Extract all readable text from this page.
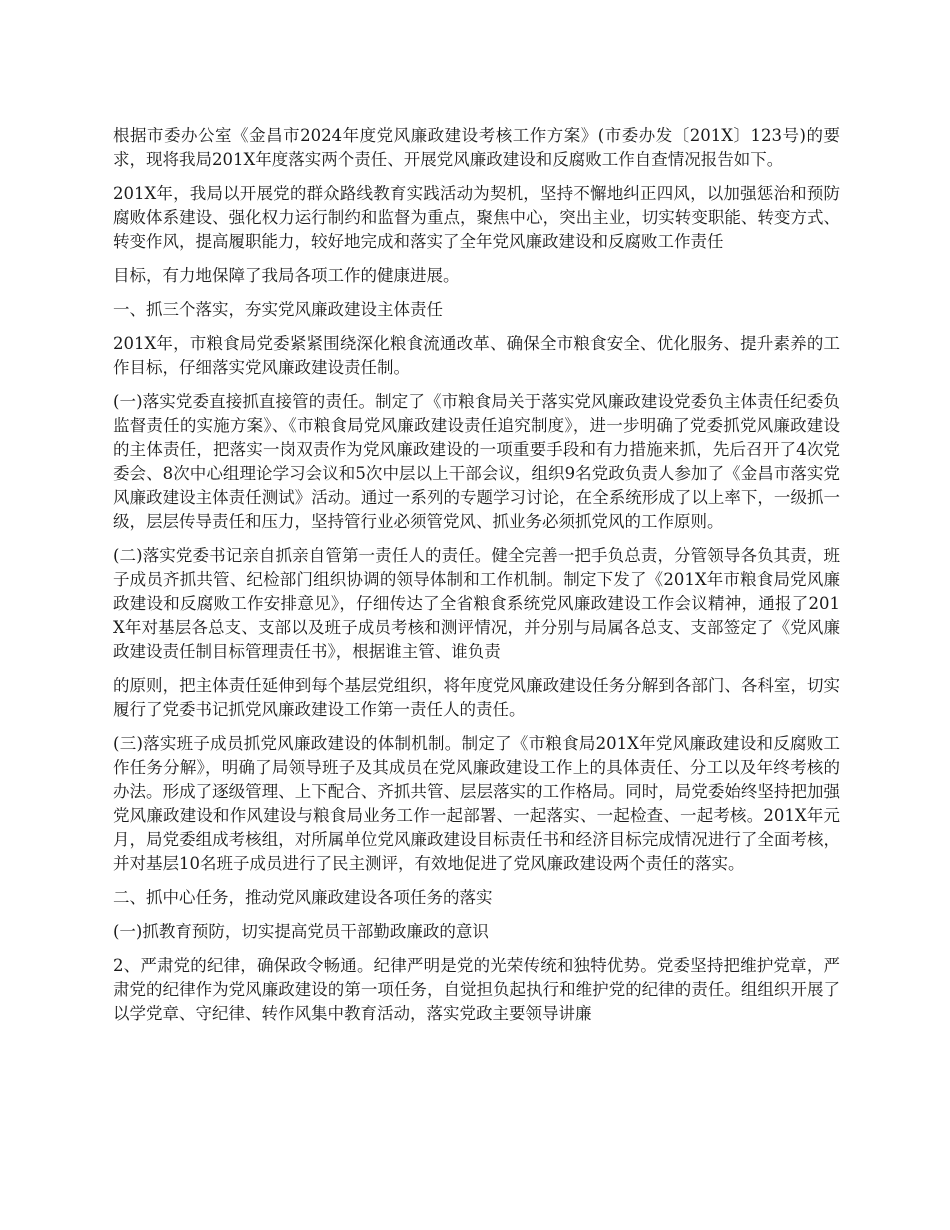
根据市委办公室《金昌市2024年度党风廉政建设考核工作方案》(市委办发〔201X〕123号)的要求，现将我局201X年度落实两个责任、开展党风廉政建设和反腐败工作自查情况报告如下。

201X年，我局以开展党的群众路线教育实践活动为契机，坚持不懈地纠正四风，以加强惩治和预防腐败体系建设、强化权力运行制约和监督为重点，聚焦中心，突出主业，切实转变职能、转变方式、转变作风，提高履职能力，较好地完成和落实了全年党风廉政建设和反腐败工作责任

目标，有力地保障了我局各项工作的健康进展。

一、抓三个落实，夯实党风廉政建设主体责任

201X年，市粮食局党委紧紧围绕深化粮食流通改革、确保全市粮食安全、优化服务、提升素养的工作目标，仔细落实党风廉政建设责任制。

(一)落实党委直接抓直接管的责任。制定了《市粮食局关于落实党风廉政建设党委负主体责任纪委负监督责任的实施方案》、《市粮食局党风廉政建设责任追究制度》，进一步明确了党委抓党风廉政建设的主体责任，把落实一岗双责作为党风廉政建设的一项重要手段和有力措施来抓，先后召开了4次党委会、8次中心组理论学习会议和5次中层以上干部会议，组织9名党政负责人参加了《金昌市落实党风廉政建设主体责任测试》活动。通过一系列的专题学习讨论，在全系统形成了以上率下，一级抓一级，层层传导责任和压力，坚持管行业必须管党风、抓业务必须抓党风的工作原则。

(二)落实党委书记亲自抓亲自管第一责任人的责任。健全完善一把手负总责，分管领导各负其责，班子成员齐抓共管、纪检部门组织协调的领导体制和工作机制。制定下发了《201X年市粮食局党风廉政建设和反腐败工作安排意见》，仔细传达了全省粮食系统党风廉政建设工作会议精神，通报了201X年对基层各总支、支部以及班子成员考核和测评情况，并分别与局属各总支、支部签定了《党风廉政建设责任制目标管理责任书》，根据谁主管、谁负责

的原则，把主体责任延伸到每个基层党组织，将年度党风廉政建设任务分解到各部门、各科室，切实履行了党委书记抓党风廉政建设工作第一责任人的责任。

(三)落实班子成员抓党风廉政建设的体制机制。制定了《市粮食局201X年党风廉政建设和反腐败工作任务分解》，明确了局领导班子及其成员在党风廉政建设工作上的具体责任、分工以及年终考核的办法。形成了逐级管理、上下配合、齐抓共管、层层落实的工作格局。同时，局党委始终坚持把加强党风廉政建设和作风建设与粮食局业务工作一起部署、一起落实、一起检查、一起考核。201X年元月，局党委组成考核组，对所属单位党风廉政建设目标责任书和经济目标完成情况进行了全面考核，并对基层10名班子成员进行了民主测评，有效地促进了党风廉政建设两个责任的落实。

二、抓中心任务，推动党风廉政建设各项任务的落实

(一)抓教育预防，切实提高党员干部勤政廉政的意识

2、严肃党的纪律，确保政令畅通。纪律严明是党的光荣传统和独特优势。党委坚持把维护党章，严肃党的纪律作为党风廉政建设的第一项任务，自觉担负起执行和维护党的纪律的责任。组组织开展了以学党章、守纪律、转作风集中教育活动，落实党政主要领导讲廉
